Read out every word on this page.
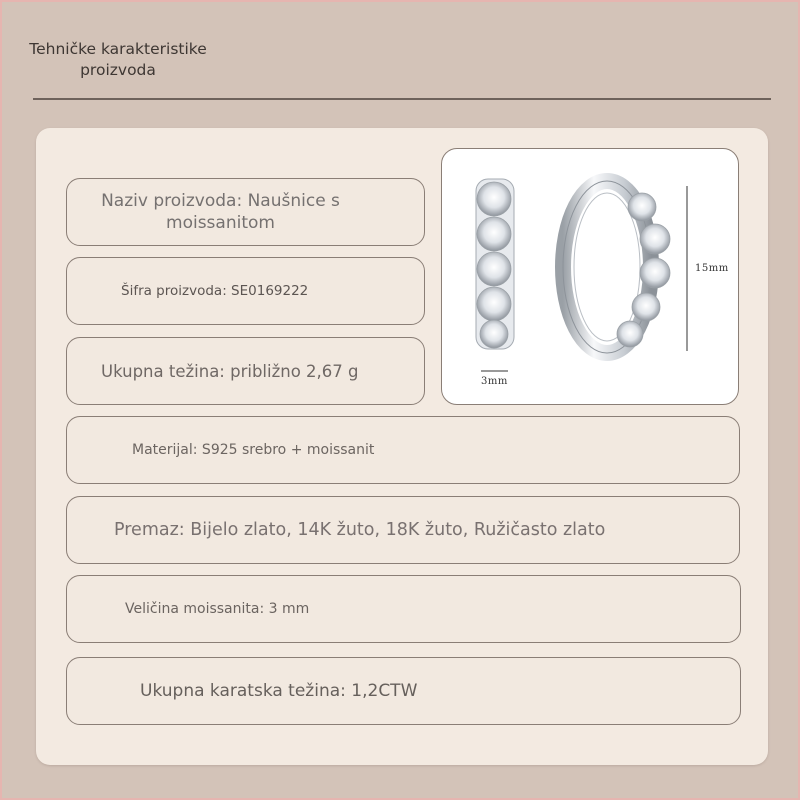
Tehničke karakteristike
proizvoda
Naziv proizvoda: Naušnice s moissanitom
Šifra proizvoda: SE0169222
Ukupna težina: približno 2,67 g
Materijal: S925 srebro + moissanit
Premaz: Bijelo zlato, 14K žuto, 18K žuto, Ružičasto zlato
Veličina moissanita: 3 mm
Ukupna karatska težina: 1,2CTW
3mm
15mm
